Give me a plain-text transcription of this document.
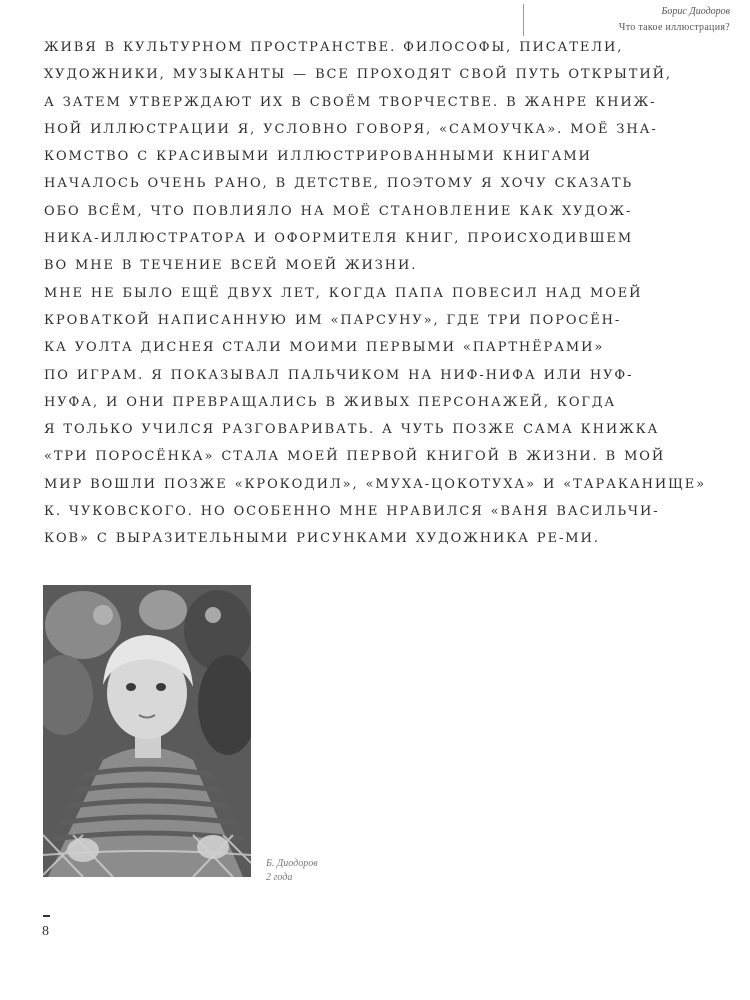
Борис Диодоров
Что такое иллюстрация?
ЖИВЯ В КУЛЬТУРНОМ ПРОСТРАНСТВЕ. ФИЛОСОФЫ, ПИСАТЕЛИ,
ХУДОЖНИКИ, МУЗЫКАНТЫ — ВСЕ ПРОХОДЯТ СВОЙ ПУТЬ ОТКРЫТИЙ,
А ЗАТЕМ УТВЕРЖДАЮТ ИХ В СВОЁМ ТВОРЧЕСТВЕ. В ЖАНРЕ КНИЖ-
НОЙ ИЛЛЮСТРАЦИИ Я, УСЛОВНО ГОВОРЯ, «САМОУЧКА». МОЁ ЗНА-
КОМСТВО С КРАСИВЫМИ ИЛЛЮСТРИРОВАННЫМИ КНИГАМИ
НАЧАЛОСЬ ОЧЕНЬ РАНО, В ДЕТСТВЕ, ПОЭТОМУ Я ХОЧУ СКАЗАТЬ
ОБО ВСЁМ, ЧТО ПОВЛИЯЛО НА МОЁ СТАНОВЛЕНИЕ КАК ХУДОЖ-
НИКА-ИЛЛЮСТРАТОРА И ОФОРМИТЕЛЯ КНИГ, ПРОИСХОДИВШЕМ
ВО МНЕ В ТЕЧЕНИЕ ВСЕЙ МОЕЙ ЖИЗНИ.
МНЕ НЕ БЫЛО ЕЩЁ ДВУХ ЛЕТ, КОГДА ПАПА ПОВЕСИЛ НАД МОЕЙ
КРОВАТКОЙ НАПИСАННУЮ ИМ «ПАРСУНУ», ГДЕ ТРИ ПОРОСЁН-
КА УОЛТА ДИСНЕЯ СТАЛИ МОИМИ ПЕРВЫМИ «ПАРТНЁРАМИ»
ПО ИГРАМ. Я ПОКАЗЫВАЛ ПАЛЬЧИКОМ НА НИФ-НИФА ИЛИ НУФ-
НУФА, И ОНИ ПРЕВРАЩАЛИСЬ В ЖИВЫХ ПЕРСОНАЖЕЙ, КОГДА
Я ТОЛЬКО УЧИЛСЯ РАЗГОВАРИВАТЬ. А ЧУТЬ ПОЗЖЕ САМА КНИЖКА
«ТРИ ПОРОСЁНКА» СТАЛА МОЕЙ ПЕРВОЙ КНИГОЙ В ЖИЗНИ. В МОЙ
МИР ВОШЛИ ПОЗЖЕ «КРОКОДИЛ», «МУХА-ЦОКОТУХА» И «ТАРАКАНИЩЕ»
К. ЧУКОВСКОГО. НО ОСОБЕННО МНЕ НРАВИЛСЯ «ВАНЯ ВАСИЛЬЧИ-
КОВ» С ВЫРАЗИТЕЛЬНЫМИ РИСУНКАМИ ХУДОЖНИКА РЕ-МИ.
Б. Диодоров
2 года
8
